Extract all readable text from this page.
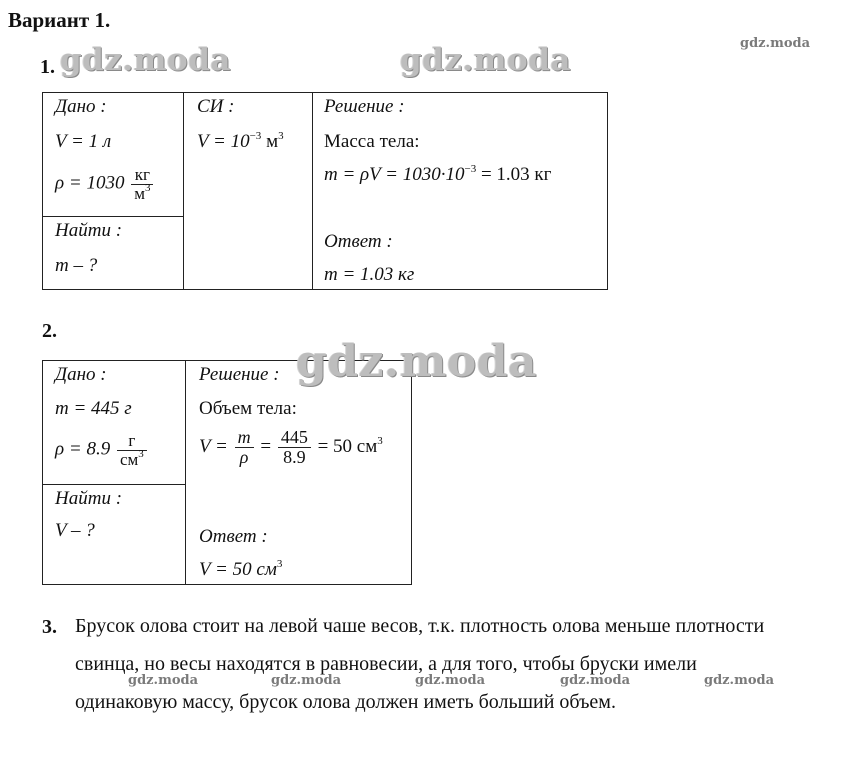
Вариант 1.
gdz.moda
1. gdz.moda	gdz.moda
Дано :
V = 1 л
$\rho = 1030 \frac{кг}{м^3}$
Найти :
m – ?
СИ :
$V = 10^{-3}$ $м^3$
Решение :
Масса тела:
$m = \rho V = 1030\cdot 10^{-3} = 1.03$ кг
Ответ :
m = 1.03 кг
2.
gdz.moda
Дано :
m = 445 г
$\rho = 8.9 \frac{г}{см^3}$
Найти :
V – ?
Решение :
Объем тела:
$V = \frac{m}{\rho} = \frac{445}{8.9} = 50$ $см^3$
Ответ :
V = 50 $см^3$
3. Брусок олова стоит на левой чаше весов, т.к. плотность олова меньше плотности
свинца, но весы находятся в равновесии, а для того, чтобы бруски имели
одинаковую массу, брусок олова должен иметь больший объем.
gdz.moda	gdz.moda	gdz.moda	gdz.moda	gdz.moda
